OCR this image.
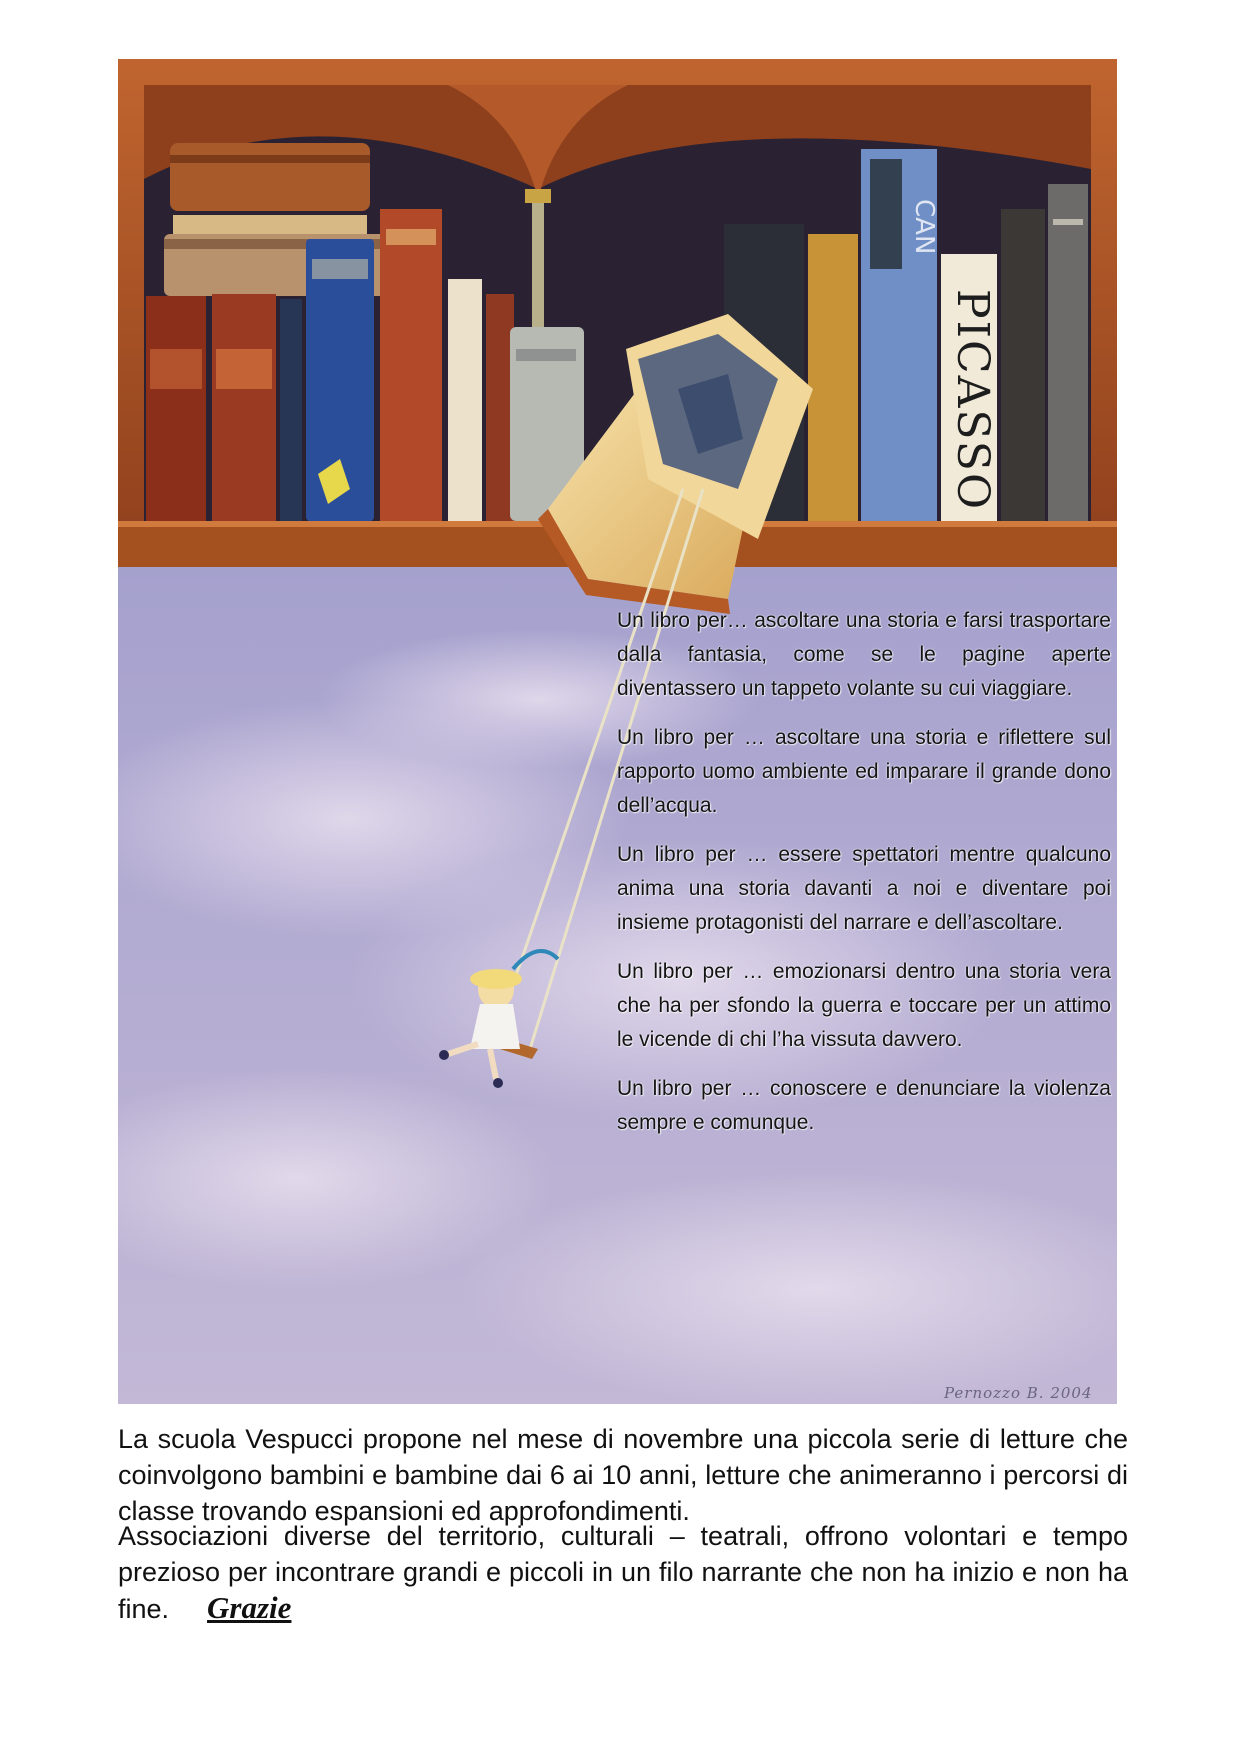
CAN
PICASSO
Pernozzo B. 2004

Un libro per… ascoltare una storia e farsi trasportare dalla fantasia, come se le pagine aperte diventassero un tappeto volante su cui viaggiare.

Un libro per … ascoltare una storia e riflettere sul rapporto uomo ambiente ed imparare il grande dono dell’acqua.

Un libro per … essere spettatori mentre qualcuno anima una storia davanti a noi e diventare poi insieme protagonisti del narrare e dell’ascoltare.

Un libro per … emozionarsi dentro una storia vera che ha per sfondo la guerra e toccare per un attimo le vicende di chi l’ha vissuta davvero.

Un libro per … conoscere e denunciare la violenza sempre e comunque.

La scuola Vespucci propone nel mese di novembre una piccola serie di letture che coinvolgono bambini e bambine dai 6 ai 10 anni, letture che animeranno i percorsi di classe trovando espansioni ed approfondimenti.

Associazioni diverse del territorio, culturali – teatrali, offrono volontari e tempo prezioso per incontrare grandi e piccoli in un filo narrante che non ha inizio e non ha fine. Grazie
